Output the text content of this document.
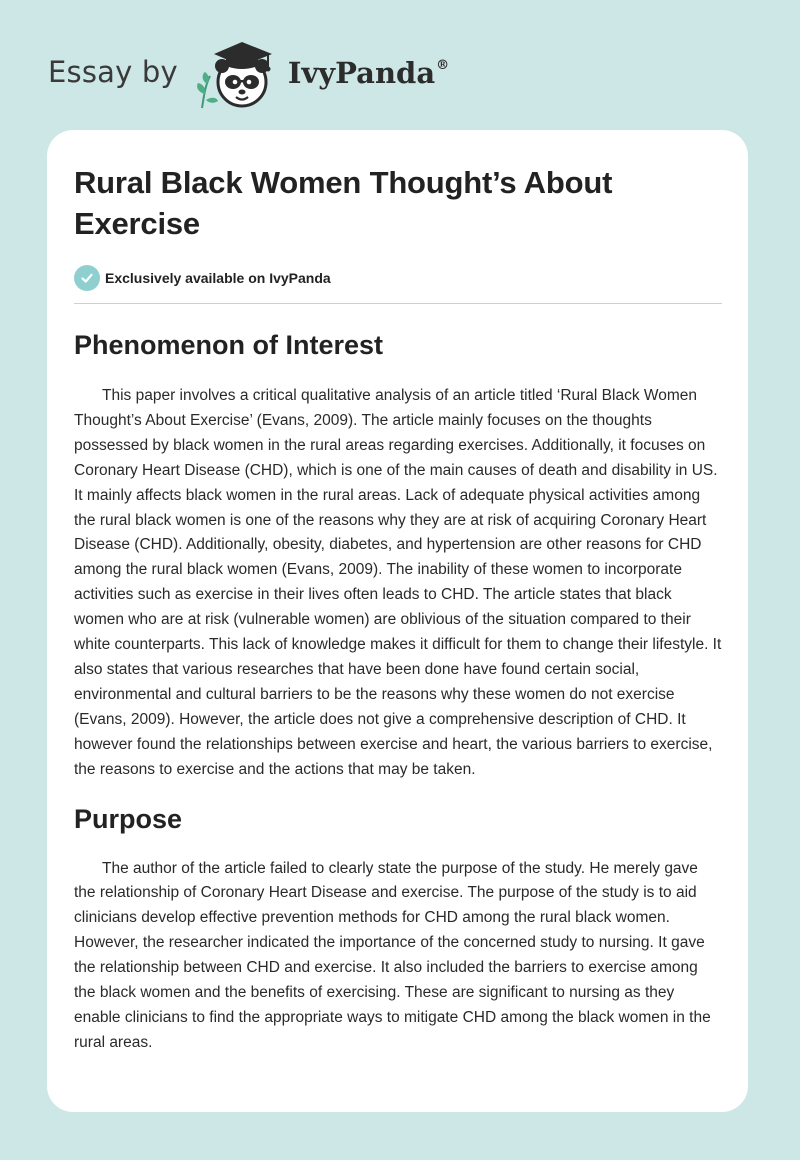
Essay by	IvyPanda®
Rural Black Women Thought’s About Exercise
Exclusively available on IvyPanda
Phenomenon of Interest

This paper involves a critical qualitative analysis of an article titled ‘Rural Black Women Thought’s About Exercise’ (Evans, 2009). The article mainly focuses on the thoughts possessed by black women in the rural areas regarding exercises. Additionally, it focuses on Coronary Heart Disease (CHD), which is one of the main causes of death and disability in US. It mainly affects black women in the rural areas. Lack of adequate physical activities among the rural black women is one of the reasons why they are at risk of acquiring Coronary Heart Disease (CHD). Additionally, obesity, diabetes, and hypertension are other reasons for CHD among the rural black women (Evans, 2009). The inability of these women to incorporate activities such as exercise in their lives often leads to CHD. The article states that black women who are at risk (vulnerable women) are oblivious of the situation compared to their white counterparts. This lack of knowledge makes it difficult for them to change their lifestyle. It also states that various researches that have been done have found certain social, environmental and cultural barriers to be the reasons why these women do not exercise (Evans, 2009). However, the article does not give a comprehensive description of CHD. It however found the relationships between exercise and heart, the various barriers to exercise, the reasons to exercise and the actions that may be taken.

Purpose

The author of the article failed to clearly state the purpose of the study. He merely gave the relationship of Coronary Heart Disease and exercise. The purpose of the study is to aid clinicians develop effective prevention methods for CHD among the rural black women. However, the researcher indicated the importance of the concerned study to nursing. It gave the relationship between CHD and exercise. It also included the barriers to exercise among the black women and the benefits of exercising. These are significant to nursing as they enable clinicians to find the appropriate ways to mitigate CHD among the black women in the rural areas.
